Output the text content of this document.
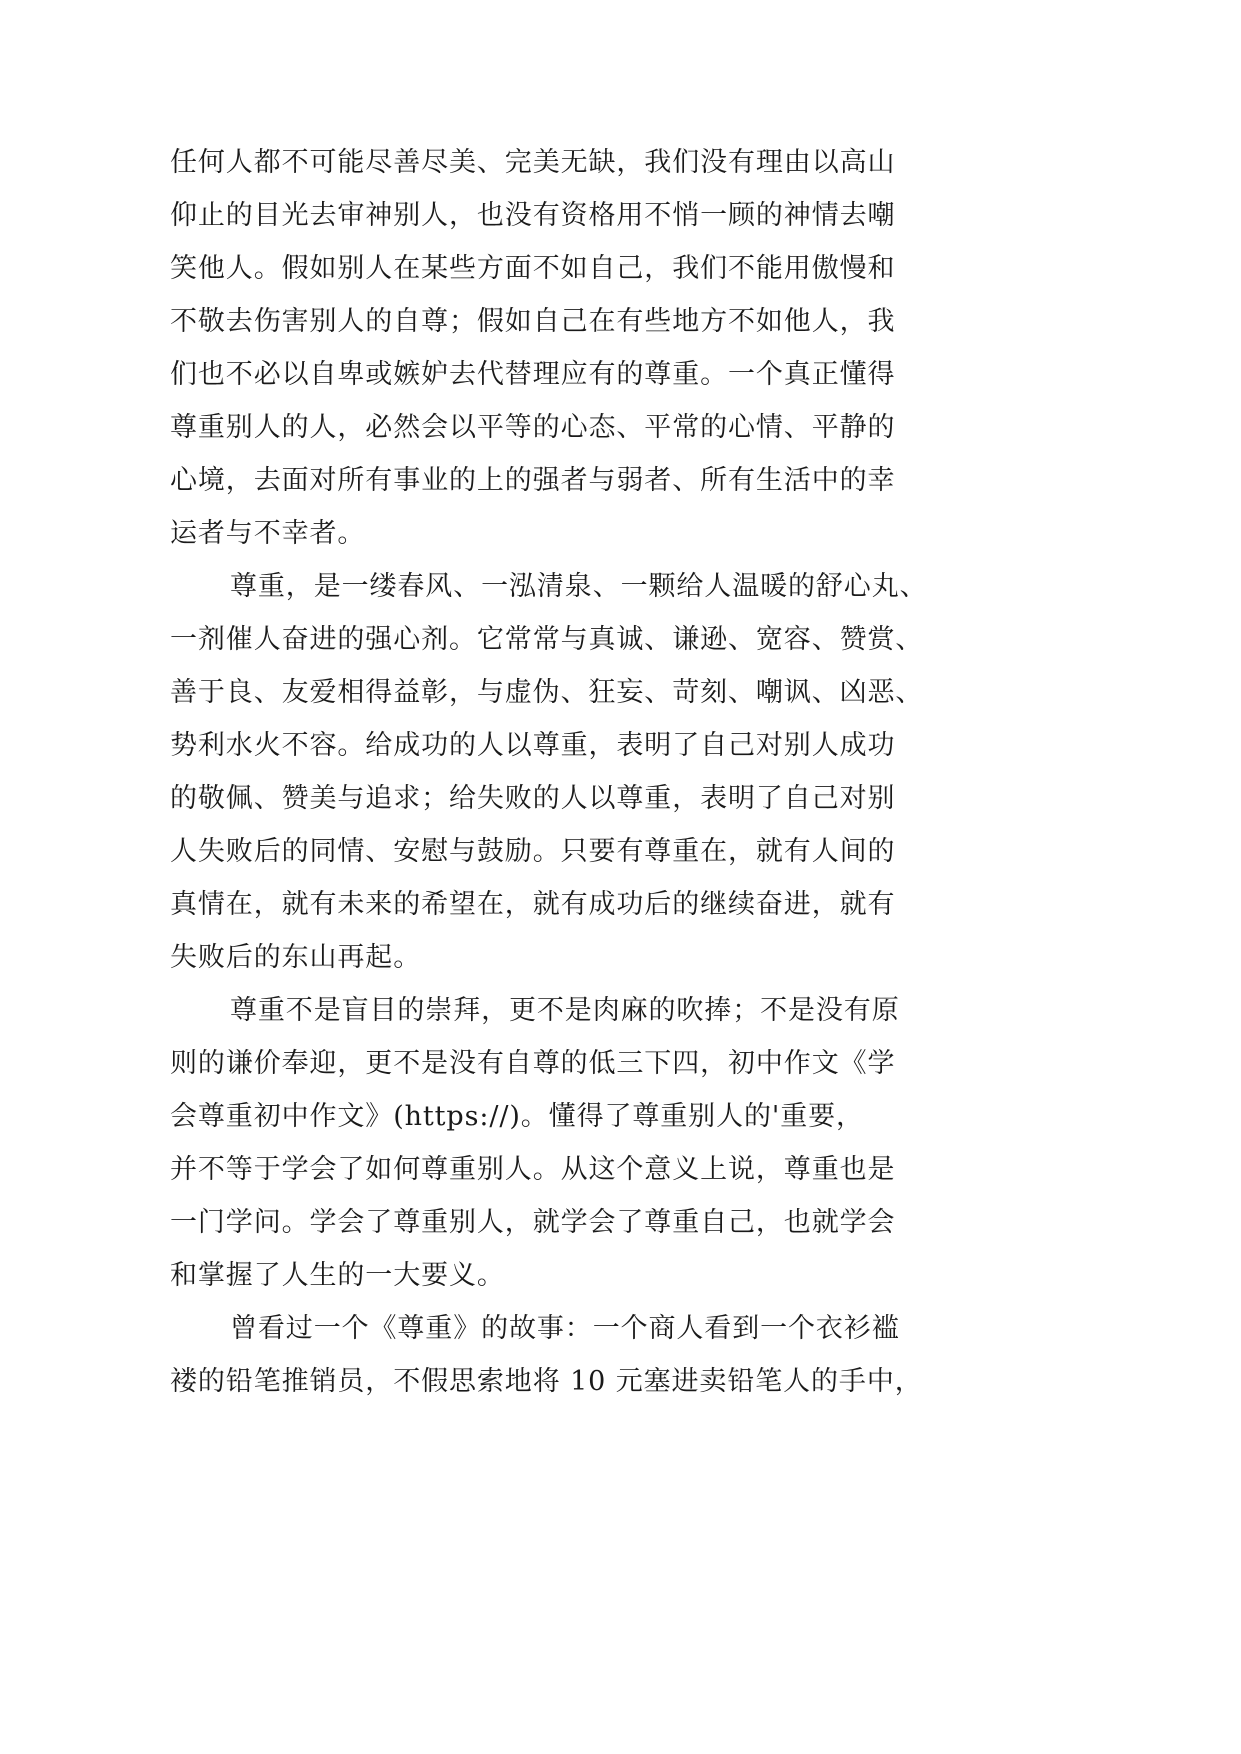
任何人都不可能尽善尽美、完美无缺，我们没有理由以高山

仰止的目光去审神别人，也没有资格用不悄一顾的神情去嘲

笑他人。假如别人在某些方面不如自己，我们不能用傲慢和

不敬去伤害别人的自尊；假如自己在有些地方不如他人，我

们也不必以自卑或嫉妒去代替理应有的尊重。一个真正懂得

尊重别人的人，必然会以平等的心态、平常的心情、平静的

心境，去面对所有事业的上的强者与弱者、所有生活中的幸

运者与不幸者。

尊重，是一缕春风、一泓清泉、一颗给人温暖的舒心丸、

一剂催人奋进的强心剂。它常常与真诚、谦逊、宽容、赞赏、

善于良、友爱相得益彰，与虚伪、狂妄、苛刻、嘲讽、凶恶、

势利水火不容。给成功的人以尊重，表明了自己对别人成功

的敬佩、赞美与追求；给失败的人以尊重，表明了自己对别

人失败后的同情、安慰与鼓励。只要有尊重在，就有人间的

真情在，就有未来的希望在，就有成功后的继续奋进，就有

失败后的东山再起。

尊重不是盲目的崇拜，更不是肉麻的吹捧；不是没有原

则的谦价奉迎，更不是没有自尊的低三下四，初中作文《学

会尊重初中作文》(https://)。懂得了尊重别人的'重要，

并不等于学会了如何尊重别人。从这个意义上说，尊重也是

一门学问。学会了尊重别人，就学会了尊重自己，也就学会

和掌握了人生的一大要义。

曾看过一个《尊重》的故事：一个商人看到一个衣衫褴

褛的铅笔推销员，不假思索地将 10 元塞进卖铅笔人的手中，
